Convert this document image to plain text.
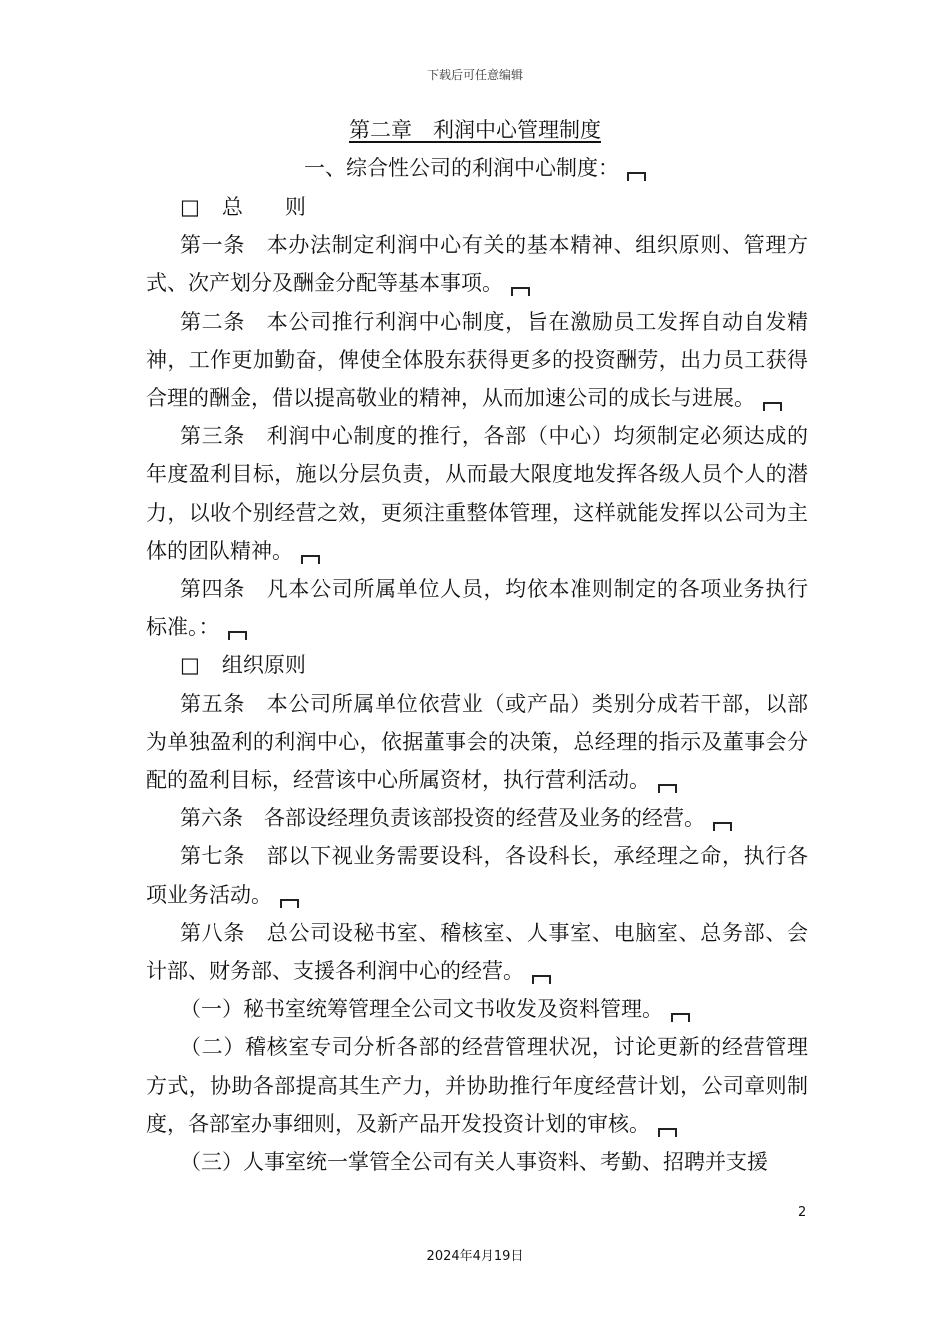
下载后可任意编辑
第二章　利润中心管理制度
一、综合性公司的利润中心制度：

□ 总　　则

第一条　本办法制定利润中心有关的基本精神、组织原则、管理方式、次产划分及酬金分配等基本事项。

第二条　本公司推行利润中心制度，旨在激励员工发挥自动自发精神，工作更加勤奋，俾使全体股东获得更多的投资酬劳，出力员工获得合理的酬金，借以提高敬业的精神，从而加速公司的成长与进展。

第三条　利润中心制度的推行，各部（中心）均须制定必须达成的年度盈利目标，施以分层负责，从而最大限度地发挥各级人员个人的潜力，以收个别经营之效，更须注重整体管理，这样就能发挥以公司为主体的团队精神。

第四条　凡本公司所属单位人员，均依本准则制定的各项业务执行标准。：

□ 组织原则

第五条　本公司所属单位依营业（或产品）类别分成若干部，以部为单独盈利的利润中心，依据董事会的决策，总经理的指示及董事会分配的盈利目标，经营该中心所属资材，执行营利活动。

第六条　各部设经理负责该部投资的经营及业务的经营。

第七条　部以下视业务需要设科，各设科长，承经理之命，执行各项业务活动。

第八条　总公司设秘书室、稽核室、人事室、电脑室、总务部、会计部、财务部、支援各利润中心的经营。

（一）秘书室统筹管理全公司文书收发及资料管理。

（二）稽核室专司分析各部的经营管理状况，讨论更新的经营管理方式，协助各部提高其生产力，并协助推行年度经营计划，公司章则制度，各部室办事细则，及新产品开发投资计划的审核。

（三）人事室统一掌管全公司有关人事资料、考勤、招聘并支援

2
2024年4月19日
